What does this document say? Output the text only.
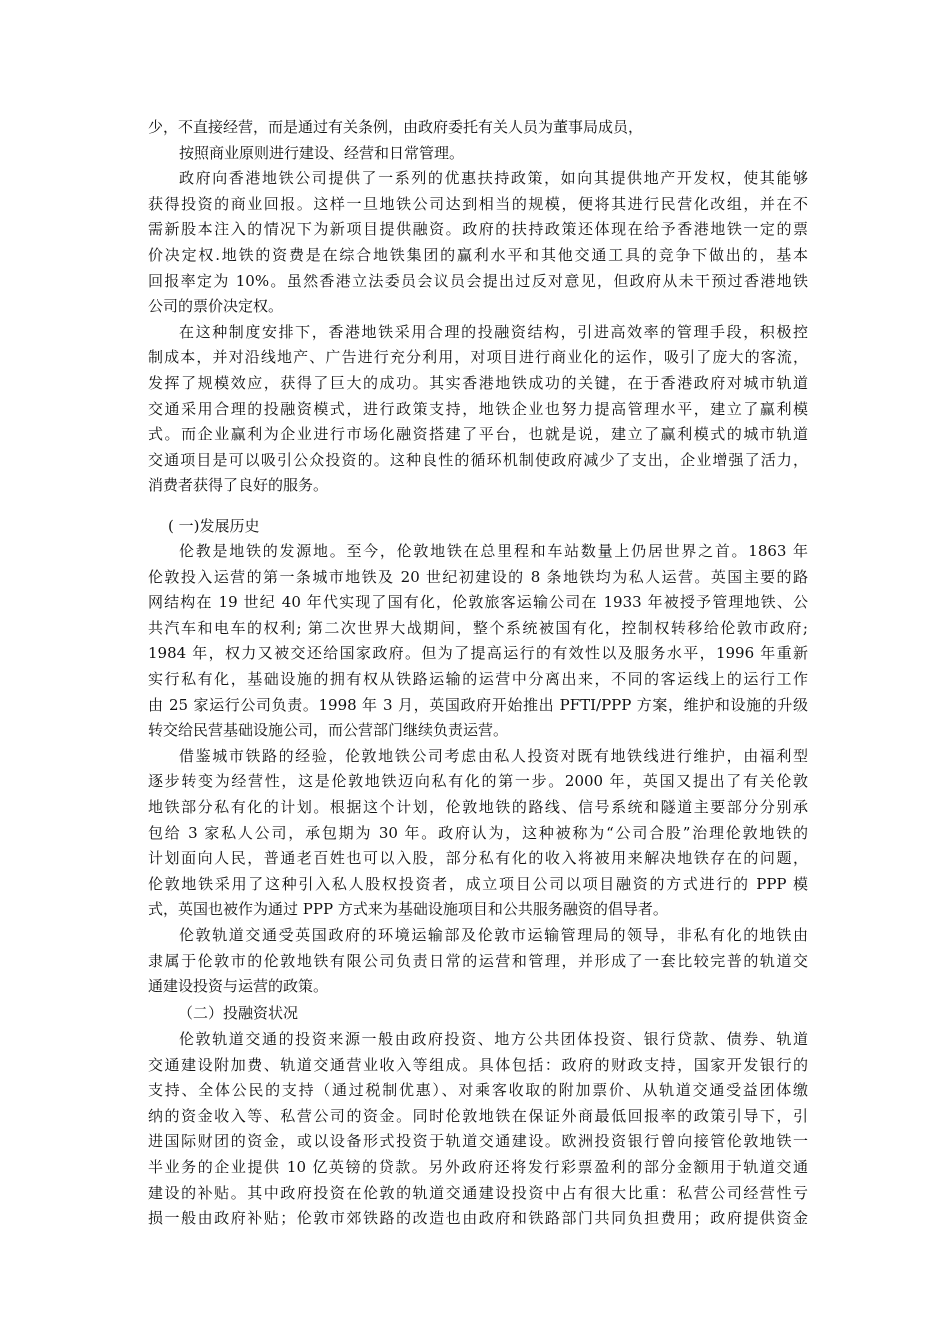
少，不直接经营，而是通过有关条例，由政府委托有关人员为董事局成员，
按照商业原则进行建设、经营和日常管理。
政府向香港地铁公司提供了一系列的优惠扶持政策，如向其提供地产开发权，使其能够
获得投资的商业回报。这样一旦地铁公司达到相当的规模，便将其进行民营化改组，并在不
需新股本注入的情况下为新项目提供融资。政府的扶持政策还体现在给予香港地铁一定的票
价决定权.地铁的资费是在综合地铁集团的赢利水平和其他交通工具的竞争下做出的，基本
回报率定为 10%。虽然香港立法委员会议员会提出过反对意见，但政府从未干预过香港地铁
公司的票价决定权。
在这种制度安排下，香港地铁采用合理的投融资结构，引进高效率的管理手段，积极控
制成本，并对沿线地产、广告进行充分利用，对项目进行商业化的运作，吸引了庞大的客流，
发挥了规模效应，获得了巨大的成功。其实香港地铁成功的关键，在于香港政府对城市轨道
交通采用合理的投融资模式，进行政策支持，地铁企业也努力提高管理水平，建立了赢利模
式。而企业赢利为企业进行市场化融资搭建了平台，也就是说，建立了赢利模式的城市轨道
交通项目是可以吸引公众投资的。这种良性的循环机制使政府减少了支出，企业增强了活力，
消费者获得了良好的服务。
( 一)发展历史
伦教是地铁的发源地。至今，伦敦地铁在总里程和车站数量上仍居世界之首。1863 年
伦敦投入运营的第一条城市地铁及 20 世纪初建设的 8 条地铁均为私人运营。英国主要的路
网结构在 19 世纪 40 年代实现了国有化，伦敦旅客运输公司在 1933 年被授予管理地铁、公
共汽车和电车的权利; 第二次世界大战期间，整个系统被国有化，控制权转移给伦敦市政府;
1984 年，权力又被交还给国家政府。但为了提高运行的有效性以及服务水平，1996 年重新
实行私有化，基础设施的拥有权从铁路运输的运营中分离出来，不同的客运线上的运行工作
由 25 家运行公司负责。1998 年 3 月，英国政府开始推出 PFTI/PPP 方案，维护和设施的升级
转交给民营基础设施公司，而公营部门继续负责运营。
借鉴城市铁路的经验，伦敦地铁公司考虑由私人投资对既有地铁线进行维护，由福利型
逐步转变为经营性，这是伦敦地铁迈向私有化的第一步。2000 年，英国又提出了有关伦敦
地铁部分私有化的计划。根据这个计划，伦敦地铁的路线、信号系统和隧道主要部分分别承
包给 3 家私人公司，承包期为 30 年。政府认为，这种被称为“公司合股”治理伦敦地铁的
计划面向人民，普通老百姓也可以入股，部分私有化的收入将被用来解决地铁存在的问题，
伦敦地铁采用了这种引入私人股权投资者，成立项目公司以项目融资的方式进行的 PPP 模
式，英国也被作为通过 PPP 方式来为基础设施项目和公共服务融资的倡导者。
伦敦轨道交通受英国政府的环境运输部及伦敦市运输管理局的领导，非私有化的地铁由
隶属于伦敦市的伦敦地铁有限公司负责日常的运营和管理，并形成了一套比较完普的轨道交
通建设投资与运营的政策。
（二）投融资状况
伦敦轨道交通的投资来源一般由政府投资、地方公共团体投资、银行贷款、债券、轨道
交通建设附加费、轨道交通营业收入等组成。具体包括：政府的财政支持，国家开发银行的
支持、全体公民的支持（通过税制优惠）、对乘客收取的附加票价、从轨道交通受益团体缴
纳的资金收入等、私营公司的资金。同时伦敦地铁在保证外商最低回报率的政策引导下，引
进国际财团的资金，或以设备形式投资于轨道交通建设。欧洲投资银行曾向接管伦敦地铁一
半业务的企业提供 10 亿英镑的贷款。另外政府还将发行彩票盈利的部分金额用于轨道交通
建设的补贴。其中政府投资在伦敦的轨道交通建设投资中占有很大比重：私营公司经营性亏
损一般由政府补贴；伦敦市郊铁路的改造也由政府和铁路部门共同负担费用；政府提供资金
